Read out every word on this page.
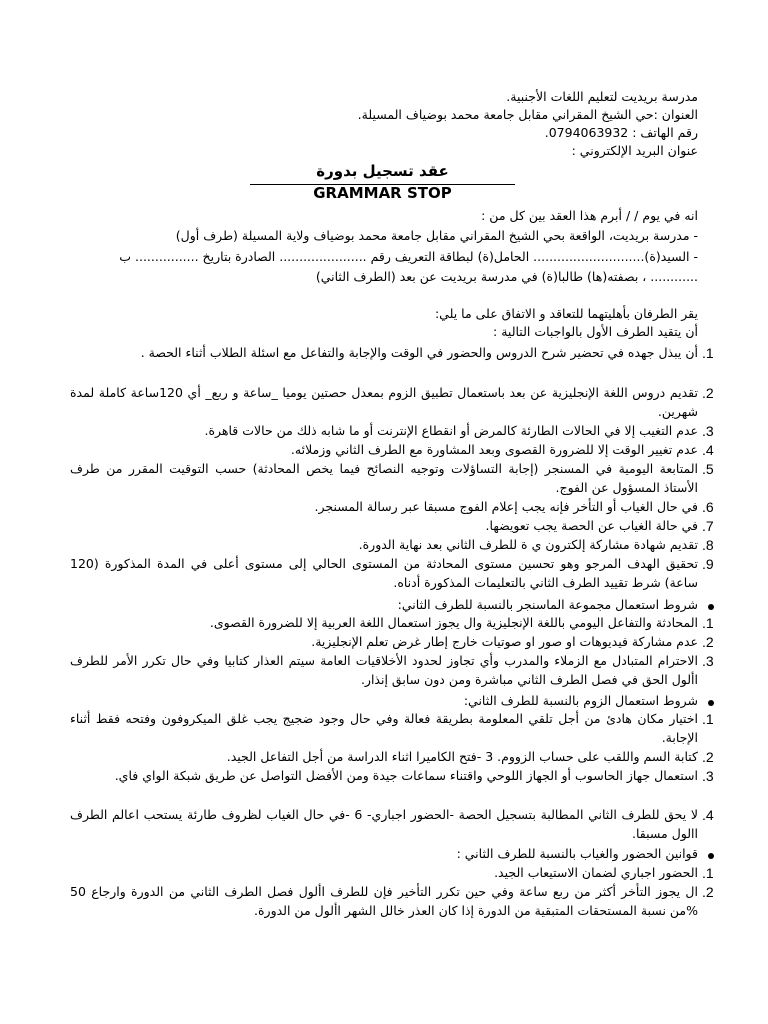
مدرسة بريديت لتعليم اللغات الأجنبية.
العنوان :حي الشيخ المقراني مقابل جامعة محمد بوضياف المسيلة.
رقم الهاتف : 0794063932.
عنوان البريد الإلكتروني :
عقد تسجيل بدورة GRAMMAR STOP
انه في يوم / / أبرم هذا العقد بين كل من :
- مدرسة بريديت، الواقعة بحي الشيخ المقراني مقابل جامعة محمد بوضياف ولاية المسيلة (طرف أول)
- السيد(ة)............................ الحامل(ة) لبطاقة التعريف رقم ...................... الصادرة بتاريخ ................ ب
............ ، بصفته(ها) طالبا(ة) في مدرسة بريديت عن بعد (الطرف الثاني)
يقر الطرفان بأهليتهما للتعاقد و الاتفاق على ما يلي:
أن يتقيد الطرف الأول بالواجبات التالية :
1.
أن يبذل جهده في تحضير شرح الدروس والحضور في الوقت والإجابة والتفاعل مع اسئلة الطلاب أثناء الحصة .
2.
تقديم دروس اللغة الإنجليزية عن بعد باستعمال تطبيق الزوم بمعدل حصتين يوميا _ساعة و ربع_ أي 120ساعة كاملة لمدة شهرين.
3.
عدم التغيب إلا في الحالات الطارئة كالمرض أو انقطاع الإنترنت أو ما شابه ذلك من حالات قاهرة.
4.
عدم تغيير الوقت إلا للضرورة القصوى وبعد المشاورة مع الطرف الثاني وزملائه.
5.
المتابعة اليومية في المسنجر (إجابة التساؤلات وتوجيه النصائح فيما يخص المحادثة) حسب التوقيت المقرر من طرف الأستاذ المسؤول عن الفوج.
6.
في حال الغياب أو التأخر فإنه يجب إعلام الفوج مسبقا عبر رسالة المسنجر.
7.
في حالة الغياب عن الحصة يجب تعويضها.
8.
تقديم شهادة مشاركة إلكترون ي ة للطرف الثاني بعد نهاية الدورة.
9.
تحقيق الهدف المرجو وهو تحسين مستوى المحادثة من المستوى الحالي إلى مستوى أعلى في المدة المذكورة (120 ساعة) شرط تقييد الطرف الثاني بالتعليمات المذكورة أدناه.
شروط استعمال مجموعة الماسنجر بالنسبة للطرف الثاني:
1.
المحادثة والتفاعل اليومي باللغة الإنجليزية وال يجوز استعمال اللغة العربية إلا للضرورة القصوى.
2.
عدم مشاركة فيديوهات او صور او صوتيات خارج إطار غرض تعلم الإنجليزية.
3.
الاحترام المتبادل مع الزملاء والمدرب وأي تجاوز لحدود الأخلاقيات العامة سيتم العذار كتابيا وفي حال تكرر الأمر للطرف األول الحق في فصل الطرف الثاني مباشرة ومن دون سابق إنذار.
شروط استعمال الزوم بالنسبة للطرف الثاني:
1.
اختيار مكان هادئ من أجل تلقي المعلومة بطريقة فعالة وفي حال وجود ضجيج يجب غلق الميكروفون وفتحه فقط أثناء الإجابة.
2.
كتابة السم واللقب على حساب الزووم. 3 -فتح الكاميرا اثناء الدراسة من أجل التفاعل الجيد.
3.
استعمال جهاز الحاسوب أو الجهاز اللوحي واقتناء سماعات جيدة ومن الأفضل التواصل عن طريق شبكة الواي فاي.
4.
لا يحق للطرف الثاني المطالبة بتسجيل الحصة -الحضور اجباري- 6 -في حال الغياب لظروف طارئة يستحب اعالم الطرف االول مسبقا.
قوانين الحضور والغياب بالنسبة للطرف الثاني :
1.
الحضور اجباري لضمان الاستيعاب الجيد.
2.
ال يجوز التأخر أكثر من ربع ساعة وفي حين تكرر التأخير فإن للطرف األول فصل الطرف الثاني من الدورة وارجاع 50 %من نسبة المستحقات المتبقية من الدورة إذا كان العذر خالل الشهر األول من الدورة.
